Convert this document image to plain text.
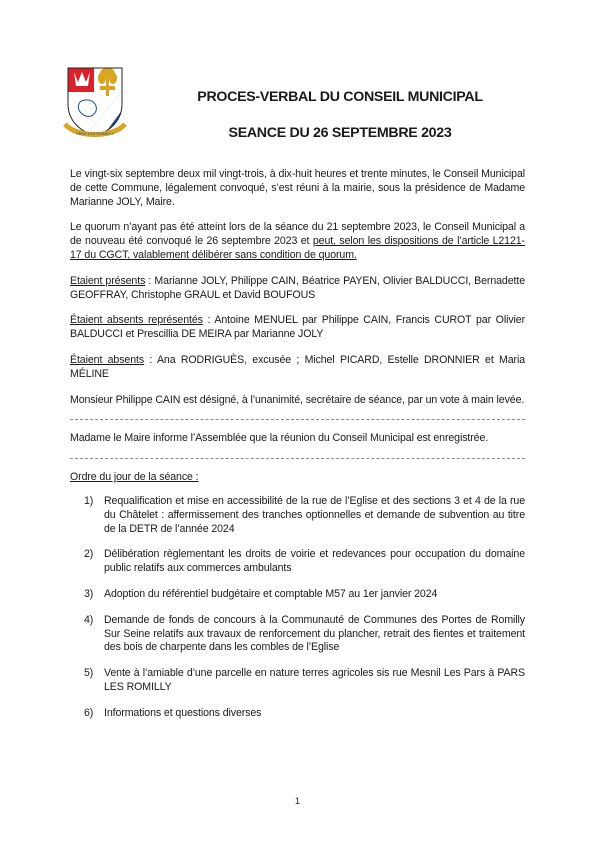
PARS LES ROMILLY
PROCES-VERBAL DU CONSEIL MUNICIPAL
SEANCE DU 26 SEPTEMBRE 2023

Le vingt-six septembre deux mil vingt-trois, à dix-huit heures et trente minutes, le Conseil Municipal de cette Commune, légalement convoqué, s’est réuni à la mairie, sous la présidence de Madame Marianne JOLY, Maire.

Le quorum n’ayant pas été atteint lors de la séance du 21 septembre 2023, le Conseil Municipal a de nouveau été convoqué le 26 septembre 2023 et peut, selon les dispositions de l’article L2121-17 du CGCT, valablement délibérer sans condition de quorum.

Etaient présents : Marianne JOLY, Philippe CAIN, Béatrice PAYEN, Olivier BALDUCCI, Bernadette GEOFFRAY, Christophe GRAUL et David BOUFOUS

Étaient absents représentés : Antoine MENUEL par Philippe CAIN, Francis CUROT par Olivier BALDUCCI et Prescillia DE MEIRA par Marianne JOLY

Étaient absents : Ana RODRIGUÈS, excusée ; Michel PICARD, Estelle DRONNIER et Maria MÉLINE

Monsieur Philippe CAIN est désigné, à l’unanimité, secrétaire de séance, par un vote à main levée.

Madame le Maire informe l’Assemblée que la réunion du Conseil Municipal est enregistrée.

Ordre du jour de la séance :

1)	Requalification et mise en accessibilité de la rue de l’Eglise et des sections 3 et 4 de la rue du Châtelet : affermissement des tranches optionnelles et demande de subvention au titre de la DETR de l’année 2024
2)	Délibération règlementant les droits de voirie et redevances pour occupation du domaine public relatifs aux commerces ambulants
3)	Adoption du référentiel budgétaire et comptable M57 au 1er janvier 2024
4)	Demande de fonds de concours à la Communauté de Communes des Portes de Romilly Sur Seine relatifs aux travaux de renforcement du plancher, retrait des fientes et traitement des bois de charpente dans les combles de l’Eglise
5)	Vente à l’amiable d’une parcelle en nature terres agricoles sis rue Mesnil Les Pars à PARS LES ROMILLY
6)	Informations et questions diverses
1
